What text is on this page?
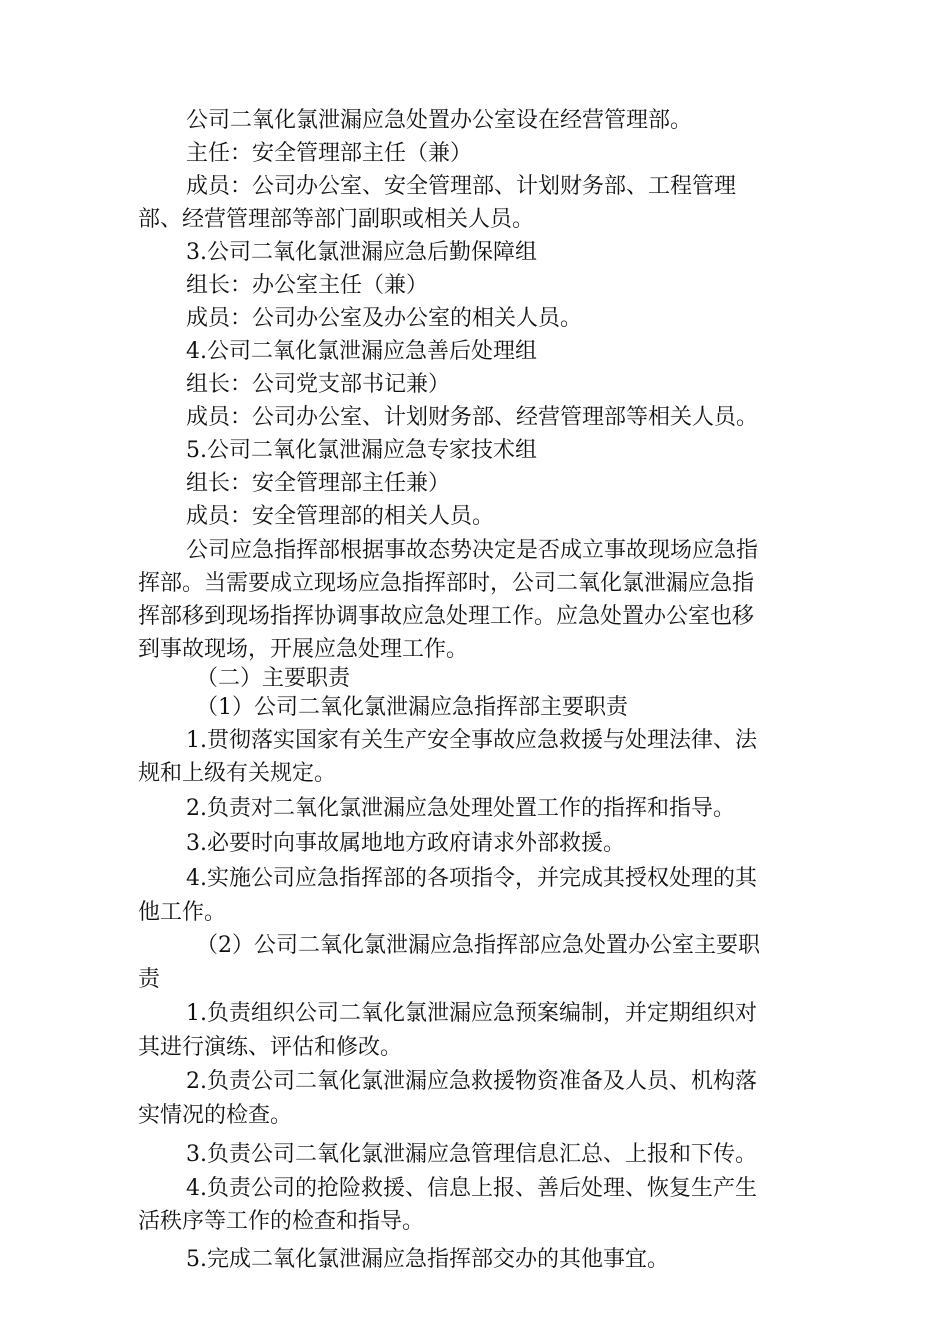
公司二氧化氯泄漏应急处置办公室设在经营管理部。
主任：安全管理部主任（兼）
成员：公司办公室、安全管理部、计划财务部、工程管理
部、经营管理部等部门副职或相关人员。
3.公司二氧化氯泄漏应急后勤保障组
组长：办公室主任（兼）
成员：公司办公室及办公室的相关人员。
4.公司二氧化氯泄漏应急善后处理组
组长：公司党支部书记兼）
成员：公司办公室、计划财务部、经营管理部等相关人员。
5.公司二氧化氯泄漏应急专家技术组
组长：安全管理部主任兼）
成员：安全管理部的相关人员。
公司应急指挥部根据事故态势决定是否成立事故现场应急指
挥部。当需要成立现场应急指挥部时，公司二氧化氯泄漏应急指
挥部移到现场指挥协调事故应急处理工作。应急处置办公室也移
到事故现场，开展应急处理工作。
（二）主要职责
（1）公司二氧化氯泄漏应急指挥部主要职责
1.贯彻落实国家有关生产安全事故应急救援与处理法律、法
规和上级有关规定。
2.负责对二氧化氯泄漏应急处理处置工作的指挥和指导。
3.必要时向事故属地地方政府请求外部救援。
4.实施公司应急指挥部的各项指令，并完成其授权处理的其
他工作。
（2）公司二氧化氯泄漏应急指挥部应急处置办公室主要职
责
1.负责组织公司二氧化氯泄漏应急预案编制，并定期组织对
其进行演练、评估和修改。
2.负责公司二氧化氯泄漏应急救援物资准备及人员、机构落
实情况的检查。
3.负责公司二氧化氯泄漏应急管理信息汇总、上报和下传。
4.负责公司的抢险救援、信息上报、善后处理、恢复生产生
活秩序等工作的检查和指导。
5.完成二氧化氯泄漏应急指挥部交办的其他事宜。
